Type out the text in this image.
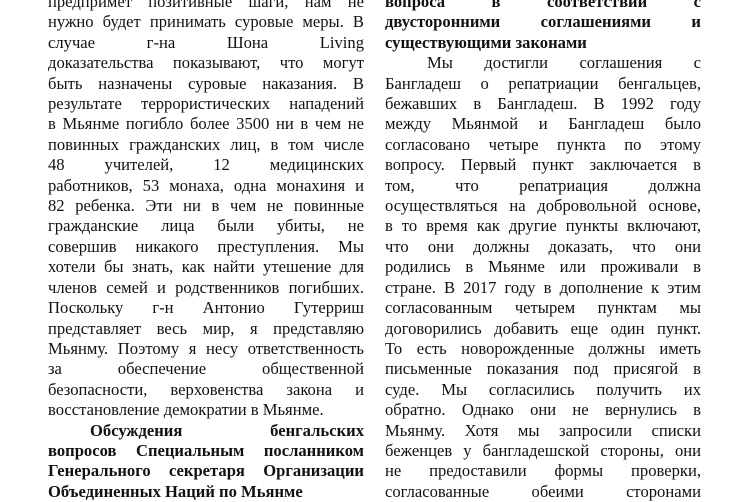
предпримет позитивные шаги, нам не
нужно будет принимать суровые меры. В
случае г-на Шона Living
доказательства показывают, что могут
быть назначены суровые наказания. В
результате террористических нападений
в Мьянме погибло более 3500 ни в чем не
повинных гражданских лиц, в том числе
48 учителей, 12 медицинских
работников, 53 монаха, одна монахиня и
82 ребенка. Эти ни в чем не повинные
гражданские лица были убиты, не
совершив никакого преступления. Мы
хотели бы знать, как найти утешение для
членов семей и родственников погибших.
Поскольку г-н Антонио Гутерриш
представляет весь мир, я представляю
Мьянму. Поэтому я несу ответственность
за обеспечение общественной
безопасности, верховенства закона и
восстановление демократии в Мьянме.
Обсуждения бенгальских
вопросов Специальным посланником
Генерального секретаря Организации
Объединенных Наций по Мьянме
вопроса в соответствии с
двусторонними соглашениями и
существующими законами
Мы достигли соглашения с
Бангладеш о репатриации бенгальцев,
бежавших в Бангладеш. В 1992 году
между Мьянмой и Бангладеш было
согласовано четыре пункта по этому
вопросу. Первый пункт заключается в
том, что репатриация должна
осуществляться на добровольной основе,
в то время как другие пункты включают,
что они должны доказать, что они
родились в Мьянме или проживали в
стране. В 2017 году в дополнение к этим
согласованным четырем пунктам мы
договорились добавить еще один пункт.
То есть новорожденные должны иметь
письменные показания под присягой в
суде. Мы согласились получить их
обратно. Однако они не вернулись в
Мьянму. Хотя мы запросили списки
беженцев у бангладешской стороны, они
не предоставили формы проверки,
согласованные обеими сторонами
